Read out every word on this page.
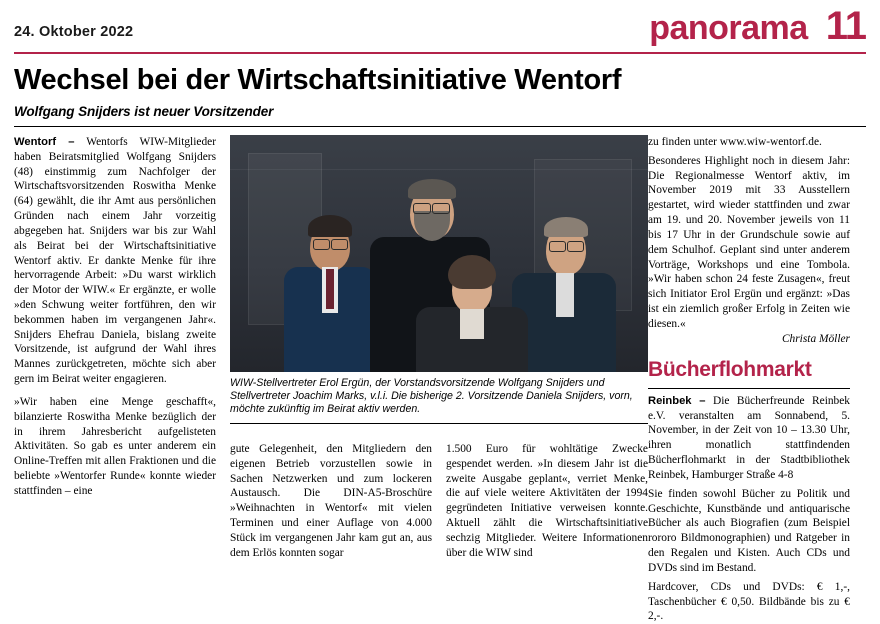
24. Oktober 2022	panorama 11
Wechsel bei der Wirtschaftsinitiative Wentorf
Wolfgang Snijders ist neuer Vorsitzender

Wentorf – Wentorfs WIW-Mitglieder haben Beiratsmitglied Wolfgang Snijders (48) einstimmig zum Nachfolger der Wirtschaftsvorsitzenden Roswitha Menke (64) gewählt, die ihr Amt aus persönlichen Gründen nach einem Jahr vorzeitig abgegeben hat. Snijders war bis zur Wahl als Beirat bei der Wirtschaftsinitiative Wentorf aktiv. Er dankte Menke für ihre hervorragende Arbeit: »Du warst wirklich der Motor der WIW.« Er ergänzte, er wolle »den Schwung weiter fortführen, den wir bekommen haben im vergangenen Jahr«. Snijders Ehefrau Daniela, bislang zweite Vorsitzende, ist aufgrund der Wahl ihres Mannes zurückgetreten, möchte sich aber gern im Beirat weiter engagieren.

»Wir haben eine Menge geschafft«, bilanzierte Roswitha Menke bezüglich der in ihrem Jahresbericht aufgelisteten Aktivitäten. So gab es unter anderem ein Online-Treffen mit allen Fraktionen und die beliebte »Wentorfer Runde« konnte wieder stattfinden – eine

WIW-Stellvertreter Erol Ergün, der Vorstandsvorsitzende Wolfgang Snijders und Stellvertreter Joachim Marks, v.l.i. Die bisherige 2. Vorsitzende Daniela Snijders, vorn, möchte zukünftig im Beirat aktiv werden.

gute Gelegenheit, den Mitgliedern den eigenen Betrieb vorzustellen sowie in Sachen Netzwerken und zum lockeren Austausch. Die DIN-A5-Broschüre »Weihnachten in Wentorf« mit vielen Terminen und einer Auflage von 4.000 Stück im vergangenen Jahr kam gut an, aus dem Erlös konnten sogar

1.500 Euro für wohltätige Zwecke gespendet werden. »In diesem Jahr ist die zweite Ausgabe geplant«, verriet Menke, die auf viele weitere Aktivitäten der 1994 gegründeten Initiative verweisen konnte. Aktuell zählt die Wirtschaftsinitiative sechzig Mitglieder. Weitere Informationen über die WIW sind

zu finden unter www.wiw-wentorf.de.

Besonderes Highlight noch in diesem Jahr: Die Regionalmesse Wentorf aktiv, im November 2019 mit 33 Ausstellern gestartet, wird wieder stattfinden und zwar am 19. und 20. November jeweils von 11 bis 17 Uhr in der Grundschule sowie auf dem Schulhof. Geplant sind unter anderem Vorträge, Workshops und eine Tombola. »Wir haben schon 24 feste Zusagen«, freut sich Initiator Erol Ergün und ergänzt: »Das ist ein ziemlich großer Erfolg in Zeiten wie diesen.«

Christa Möller

Bücherflohmarkt

Reinbek – Die Bücherfreunde Reinbek e.V. veranstalten am Sonnabend, 5. November, in der Zeit von 10 – 13.30 Uhr, ihren monatlich stattfindenden Bücherflohmarkt in der Stadtbibliothek Reinbek, Hamburger Straße 4-8

Sie finden sowohl Bücher zu Politik und Geschichte, Kunstbände und antiquarische Bücher als auch Biografien (zum Beispiel rororo Bildmonographien) und Ratgeber in den Regalen und Kisten. Auch CDs und DVDs sind im Bestand.

Hardcover, CDs und DVDs: € 1,-, Taschenbücher € 0,50. Bildbände bis zu € 2,-.
